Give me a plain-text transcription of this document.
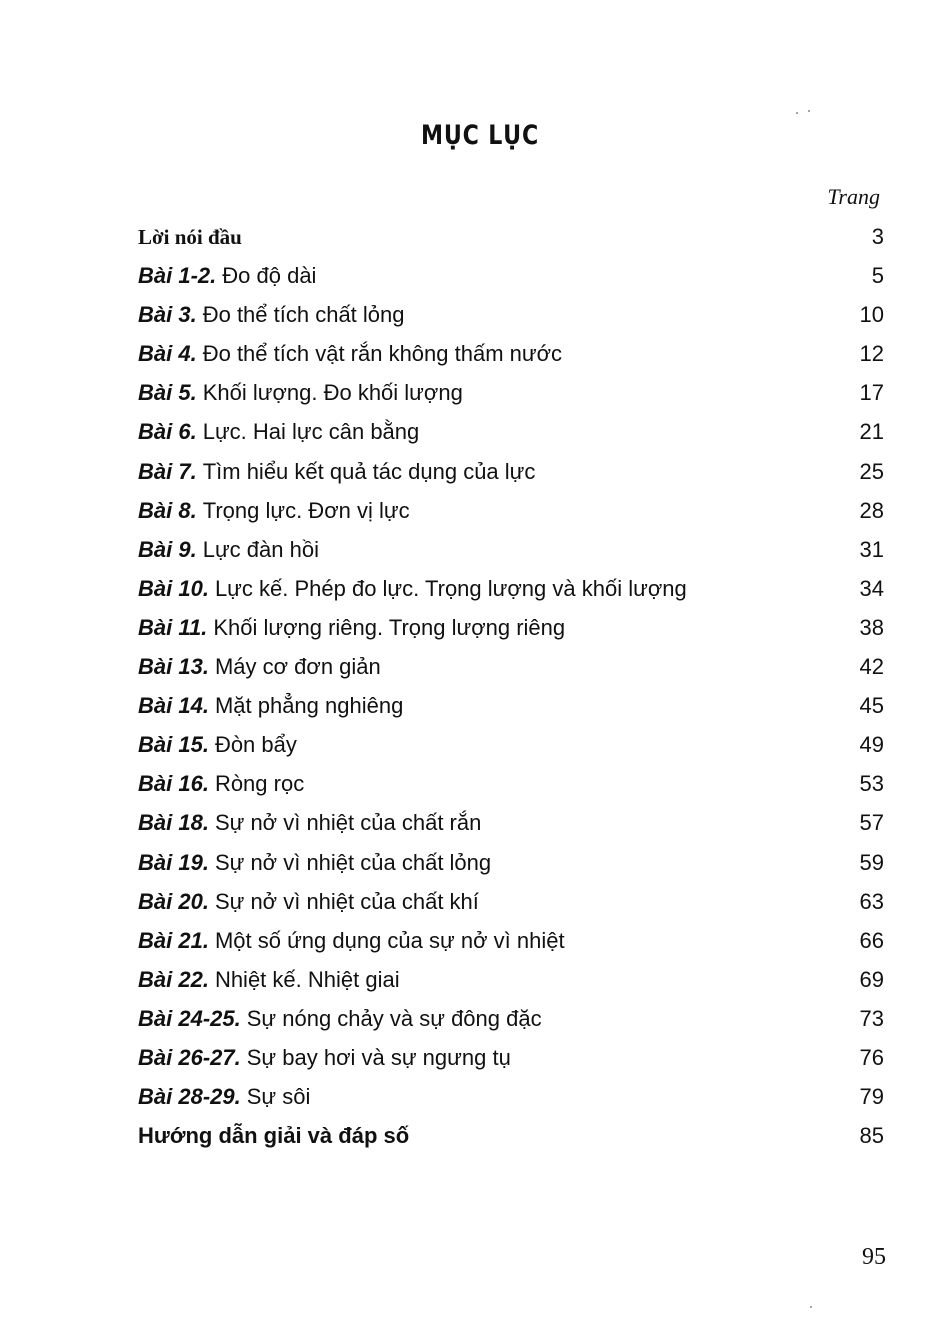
MỤC LỤC
Trang
Lời nói đầu	3
Bài 1-2. Đo độ dài	5
Bài 3. Đo thể tích chất lỏng	10
Bài 4. Đo thể tích vật rắn không thấm nước	12
Bài 5. Khối lượng. Đo khối lượng	17
Bài 6. Lực. Hai lực cân bằng	21
Bài 7. Tìm hiểu kết quả tác dụng của lực	25
Bài 8. Trọng lực. Đơn vị lực	28
Bài 9. Lực đàn hồi	31
Bài 10. Lực kế. Phép đo lực. Trọng lượng và khối lượng	34
Bài 11. Khối lượng riêng. Trọng lượng riêng	38
Bài 13. Máy cơ đơn giản	42
Bài 14. Mặt phẳng nghiêng	45
Bài 15. Đòn bẩy	49
Bài 16. Ròng rọc	53
Bài 18. Sự nở vì nhiệt của chất rắn	57
Bài 19. Sự nở vì nhiệt của chất lỏng	59
Bài 20. Sự nở vì nhiệt của chất khí	63
Bài 21. Một số ứng dụng của sự nở vì nhiệt	66
Bài 22. Nhiệt kế. Nhiệt giai	69
Bài 24-25. Sự nóng chảy và sự đông đặc	73
Bài 26-27. Sự bay hơi và sự ngưng tụ	76
Bài 28-29. Sự sôi	79
Hướng dẫn giải và đáp số	85
95
